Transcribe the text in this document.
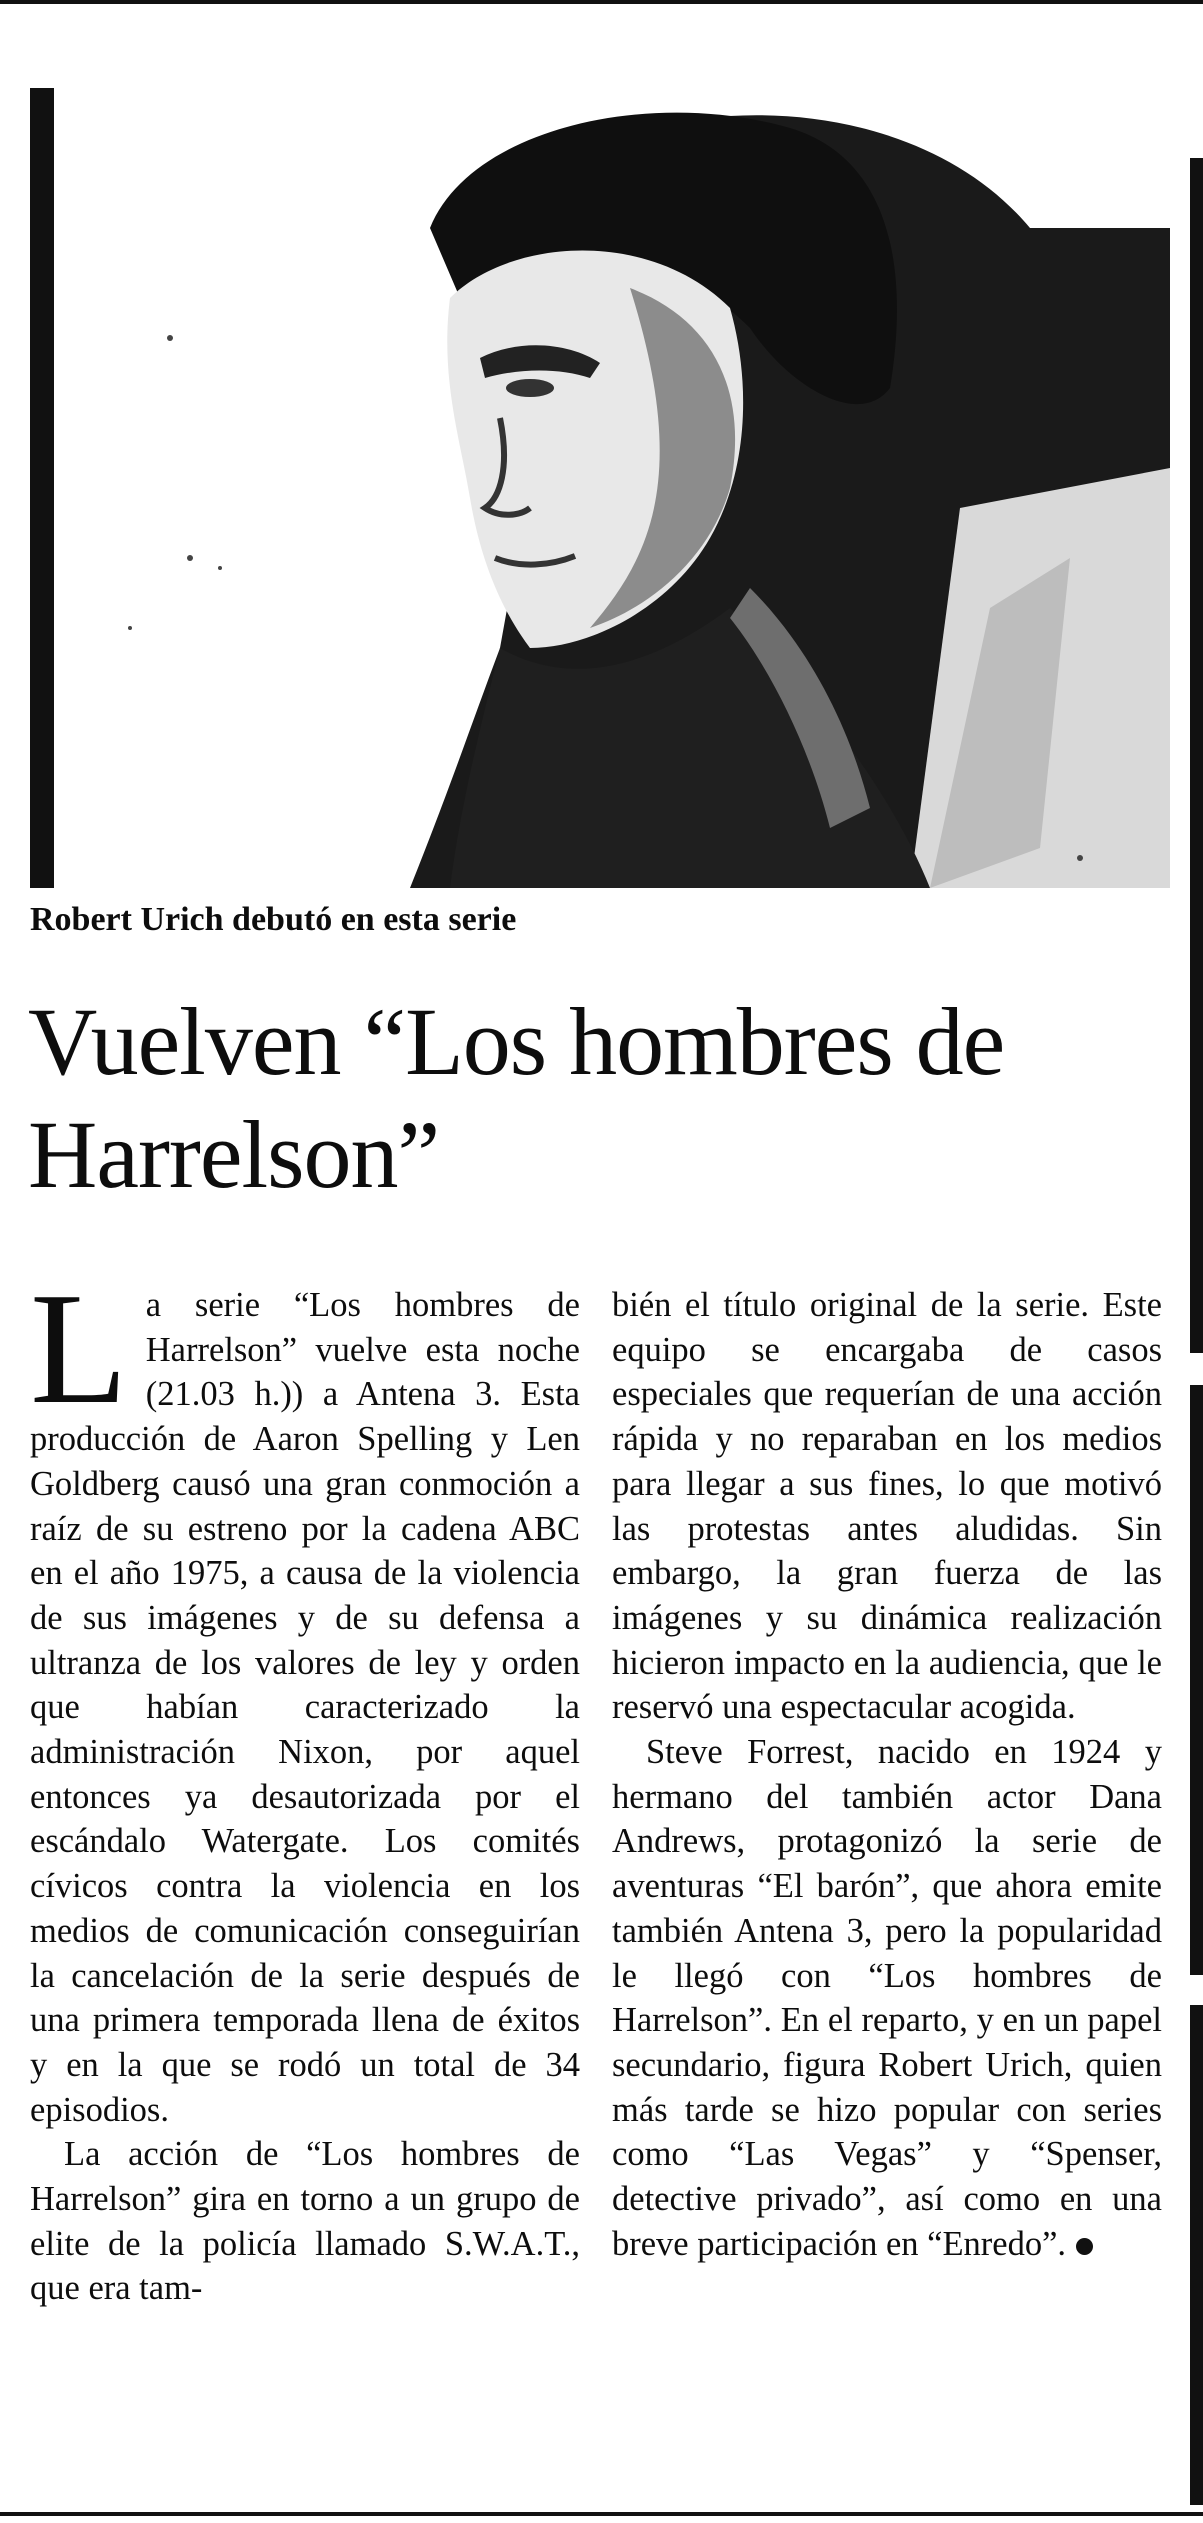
Robert Urich debutó en esta serie
Vuelven “Los hombres de Harrelson”

La serie “Los hombres de Harrelson” vuelve esta noche (21.03 h.)) a Antena 3. Esta producción de Aaron Spelling y Len Goldberg causó una gran conmoción a raíz de su estreno por la cadena ABC en el año 1975, a causa de la violencia de sus imágenes y de su defensa a ultranza de los valores de ley y orden que habían caracterizado la administración Nixon, por aquel entonces ya desautorizada por el escándalo Watergate. Los comités cívicos contra la violencia en los medios de comunicación conseguirían la cancelación de la serie después de una primera temporada llena de éxitos y en la que se rodó un total de 34 episodios.

La acción de “Los hombres de Harrelson” gira en torno a un grupo de elite de la policía llamado S.W.A.T., que era tam-

bién el título original de la serie. Este equipo se encargaba de casos especiales que requerían de una acción rápida y no reparaban en los medios para llegar a sus fines, lo que motivó las protestas antes aludidas. Sin embargo, la gran fuerza de las imágenes y su dinámica realización hicieron impacto en la audiencia, que le reservó una espectacular acogida.

Steve Forrest, nacido en 1924 y hermano del también actor Dana Andrews, protagonizó la serie de aventuras “El barón”, que ahora emite también Antena 3, pero la popularidad le llegó con “Los hombres de Harrelson”. En el reparto, y en un papel secundario, figura Robert Urich, quien más tarde se hizo popular con series como “Las Vegas” y “Spenser, detective privado”, así como en una breve participación en “Enredo”.
